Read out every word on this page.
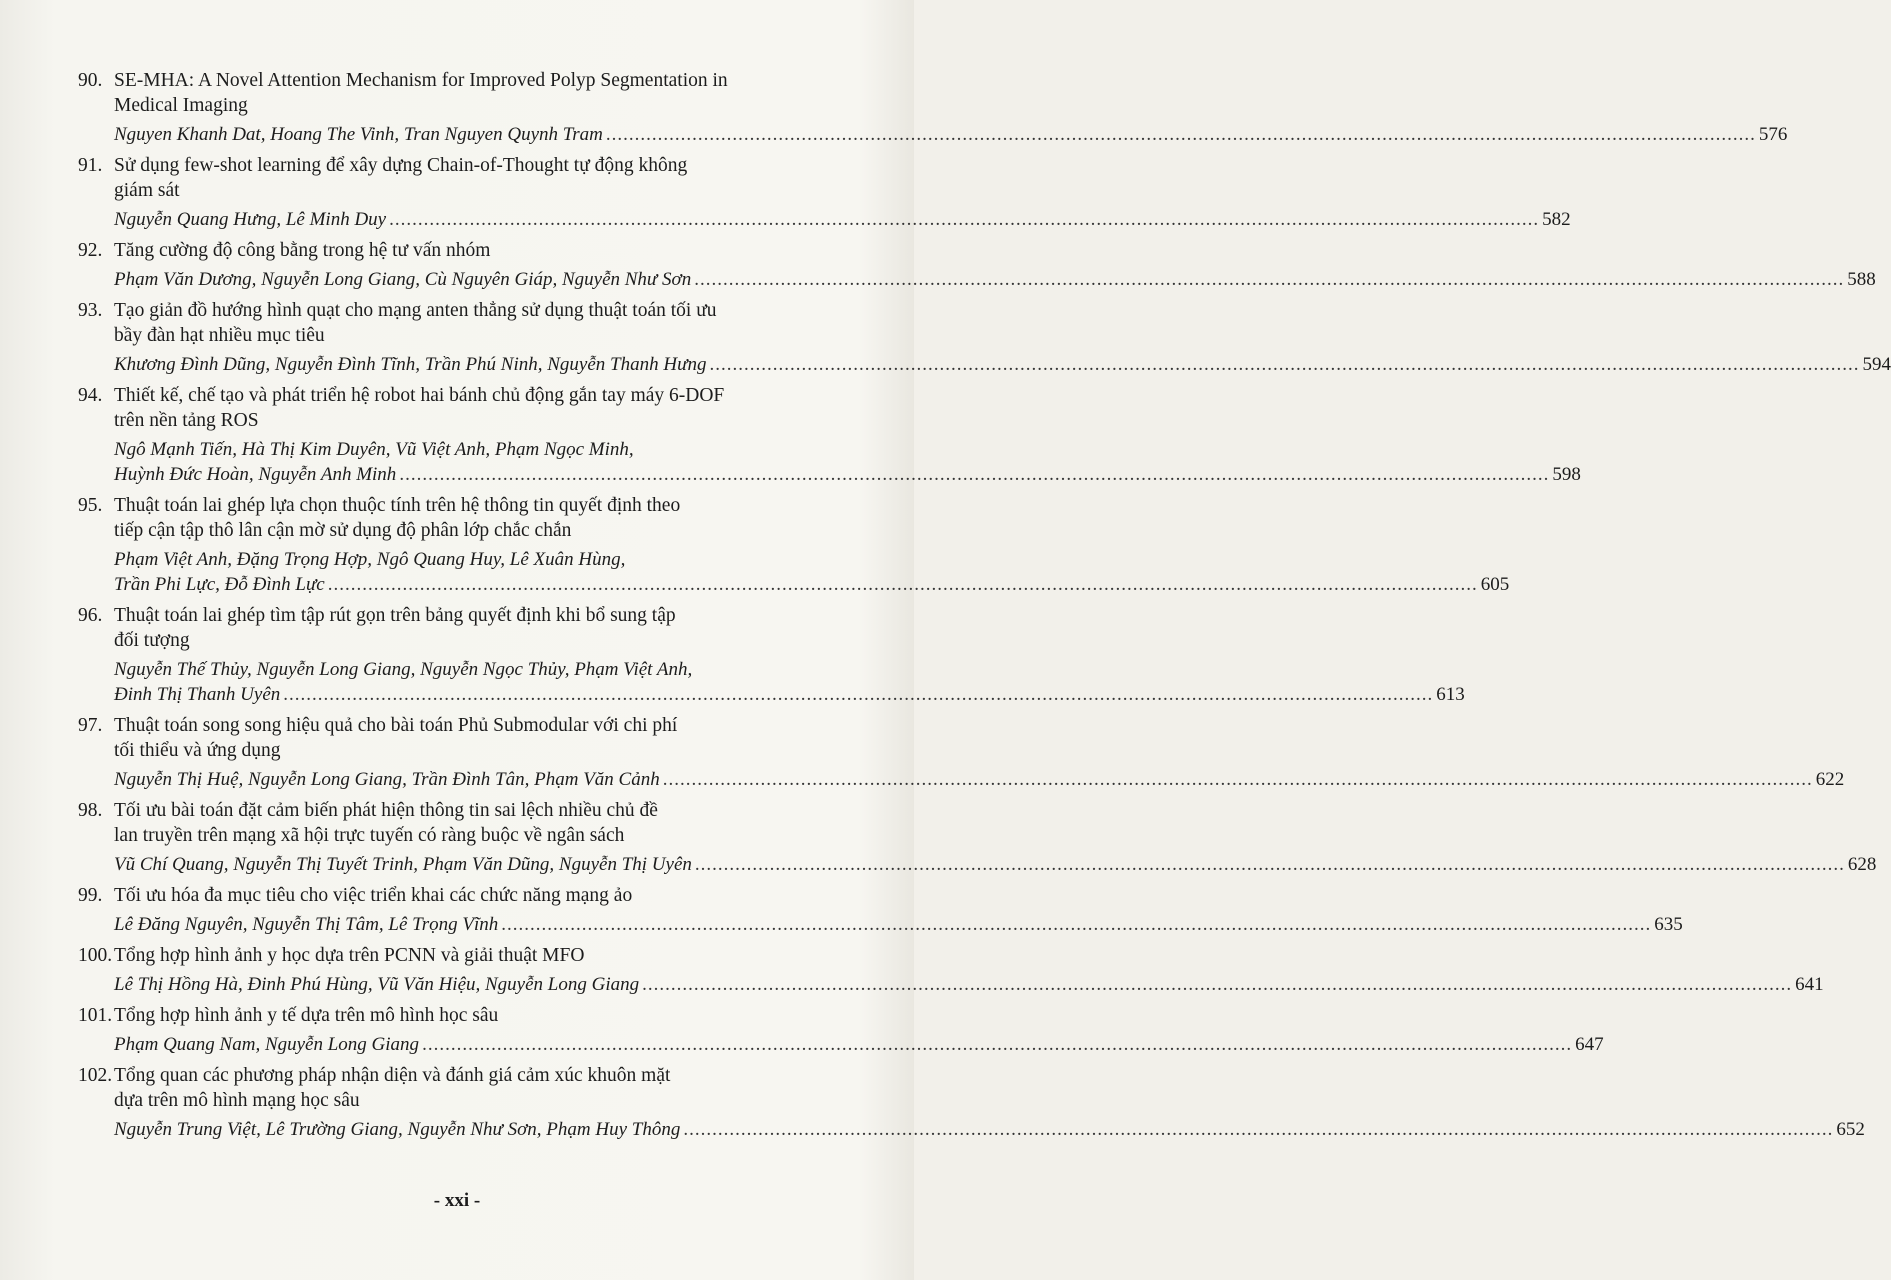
90. SE-MHA: A Novel Attention Mechanism for Improved Polyp Segmentation in
Medical Imaging
Nguyen Khanh Dat, Hoang The Vinh, Tran Nguyen Quynh Tram ........................................................................................................................................................................................................ 576
91. Sử dụng few-shot learning để xây dựng Chain-of-Thought tự động không
giám sát
Nguyễn Quang Hưng, Lê Minh Duy ........................................................................................................................................................................................................ 582
92. Tăng cường độ công bằng trong hệ tư vấn nhóm
Phạm Văn Dương, Nguyễn Long Giang, Cù Nguyên Giáp, Nguyễn Như Sơn ........................................................................................................................................................................................................ 588
93. Tạo giản đồ hướng hình quạt cho mạng anten thẳng sử dụng thuật toán tối ưu
bầy đàn hạt nhiều mục tiêu
Khương Đình Dũng, Nguyễn Đình Tĩnh, Trần Phú Ninh, Nguyễn Thanh Hưng ........................................................................................................................................................................................................ 594
94. Thiết kế, chế tạo và phát triển hệ robot hai bánh chủ động gắn tay máy 6-DOF
trên nền tảng ROS
Ngô Mạnh Tiến, Hà Thị Kim Duyên, Vũ Việt Anh, Phạm Ngọc Minh,
Huỳnh Đức Hoàn, Nguyễn Anh Minh ........................................................................................................................................................................................................ 598
95. Thuật toán lai ghép lựa chọn thuộc tính trên hệ thông tin quyết định theo
tiếp cận tập thô lân cận mờ sử dụng độ phân lớp chắc chắn
Phạm Việt Anh, Đặng Trọng Hợp, Ngô Quang Huy, Lê Xuân Hùng,
Trần Phi Lực, Đỗ Đình Lực ........................................................................................................................................................................................................ 605
96. Thuật toán lai ghép tìm tập rút gọn trên bảng quyết định khi bổ sung tập
đối tượng
Nguyễn Thế Thủy, Nguyễn Long Giang, Nguyễn Ngọc Thủy, Phạm Việt Anh,
Đinh Thị Thanh Uyên ........................................................................................................................................................................................................ 613
97. Thuật toán song song hiệu quả cho bài toán Phủ Submodular với chi phí
tối thiểu và ứng dụng
Nguyễn Thị Huệ, Nguyễn Long Giang, Trần Đình Tân, Phạm Văn Cảnh ........................................................................................................................................................................................................ 622
98. Tối ưu bài toán đặt cảm biến phát hiện thông tin sai lệch nhiều chủ đề
lan truyền trên mạng xã hội trực tuyến có ràng buộc về ngân sách
Vũ Chí Quang, Nguyễn Thị Tuyết Trinh, Phạm Văn Dũng, Nguyễn Thị Uyên ........................................................................................................................................................................................................ 628
99. Tối ưu hóa đa mục tiêu cho việc triển khai các chức năng mạng ảo
Lê Đăng Nguyên, Nguyễn Thị Tâm, Lê Trọng Vĩnh ........................................................................................................................................................................................................ 635
100. Tổng hợp hình ảnh y học dựa trên PCNN và giải thuật MFO
Lê Thị Hồng Hà, Đinh Phú Hùng, Vũ Văn Hiệu, Nguyễn Long Giang ........................................................................................................................................................................................................ 641
101. Tổng hợp hình ảnh y tế dựa trên mô hình học sâu
Phạm Quang Nam, Nguyễn Long Giang ........................................................................................................................................................................................................ 647
102. Tổng quan các phương pháp nhận diện và đánh giá cảm xúc khuôn mặt
dựa trên mô hình mạng học sâu
Nguyễn Trung Việt, Lê Trường Giang, Nguyễn Như Sơn, Phạm Huy Thông ........................................................................................................................................................................................................ 652
- xxi -
